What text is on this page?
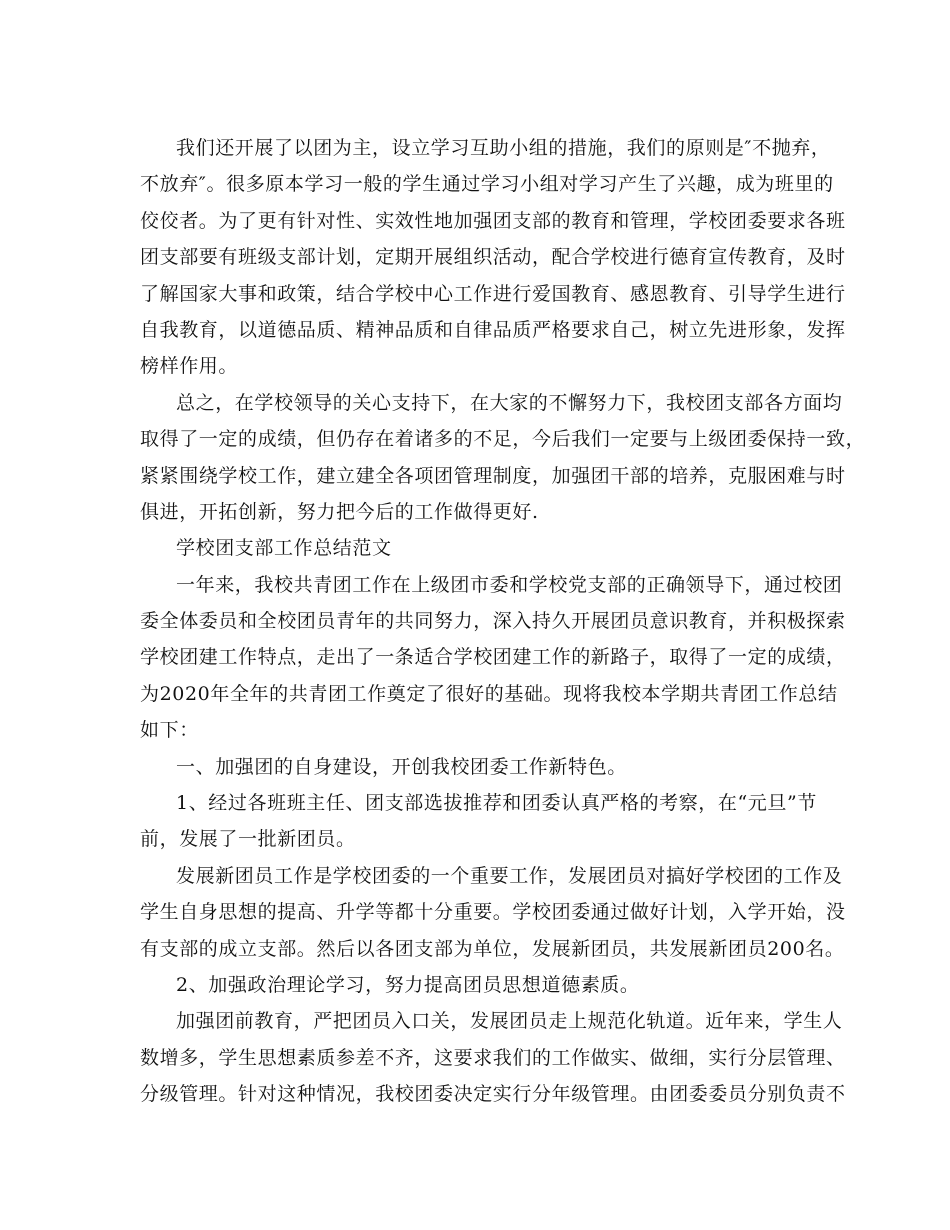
我们还开展了以团为主，设立学习互助小组的措施，我们的原则是″不抛弃，
不放弃″。很多原本学习一般的学生通过学习小组对学习产生了兴趣，成为班里的
佼佼者。为了更有针对性、实效性地加强团支部的教育和管理，学校团委要求各班
团支部要有班级支部计划，定期开展组织活动，配合学校进行德育宣传教育，及时
了解国家大事和政策，结合学校中心工作进行爱国教育、感恩教育、引导学生进行
自我教育，以道德品质、精神品质和自律品质严格要求自己，树立先进形象，发挥
榜样作用。
总之，在学校领导的关心支持下，在大家的不懈努力下，我校团支部各方面均
取得了一定的成绩，但仍存在着诸多的不足，今后我们一定要与上级团委保持一致，
紧紧围绕学校工作，建立建全各项团管理制度，加强团干部的培养，克服困难与时
俱进，开拓创新，努力把今后的工作做得更好.
学校团支部工作总结范文
一年来，我校共青团工作在上级团市委和学校党支部的正确领导下，通过校团
委全体委员和全校团员青年的共同努力，深入持久开展团员意识教育，并积极探索
学校团建工作特点，走出了一条适合学校团建工作的新路子，取得了一定的成绩，
为2020年全年的共青团工作奠定了很好的基础。现将我校本学期共青团工作总结
如下：
一、加强团的自身建设，开创我校团委工作新特色。
1、经过各班班主任、团支部选拔推荐和团委认真严格的考察，在“元旦”节
前，发展了一批新团员。
发展新团员工作是学校团委的一个重要工作，发展团员对搞好学校团的工作及
学生自身思想的提高、升学等都十分重要。学校团委通过做好计划，入学开始，没
有支部的成立支部。然后以各团支部为单位，发展新团员，共发展新团员200名。
2、加强政治理论学习，努力提高团员思想道德素质。
加强团前教育，严把团员入口关，发展团员走上规范化轨道。近年来，学生人
数增多，学生思想素质参差不齐，这要求我们的工作做实、做细，实行分层管理、
分级管理。针对这种情况，我校团委决定实行分年级管理。由团委委员分别负责不
